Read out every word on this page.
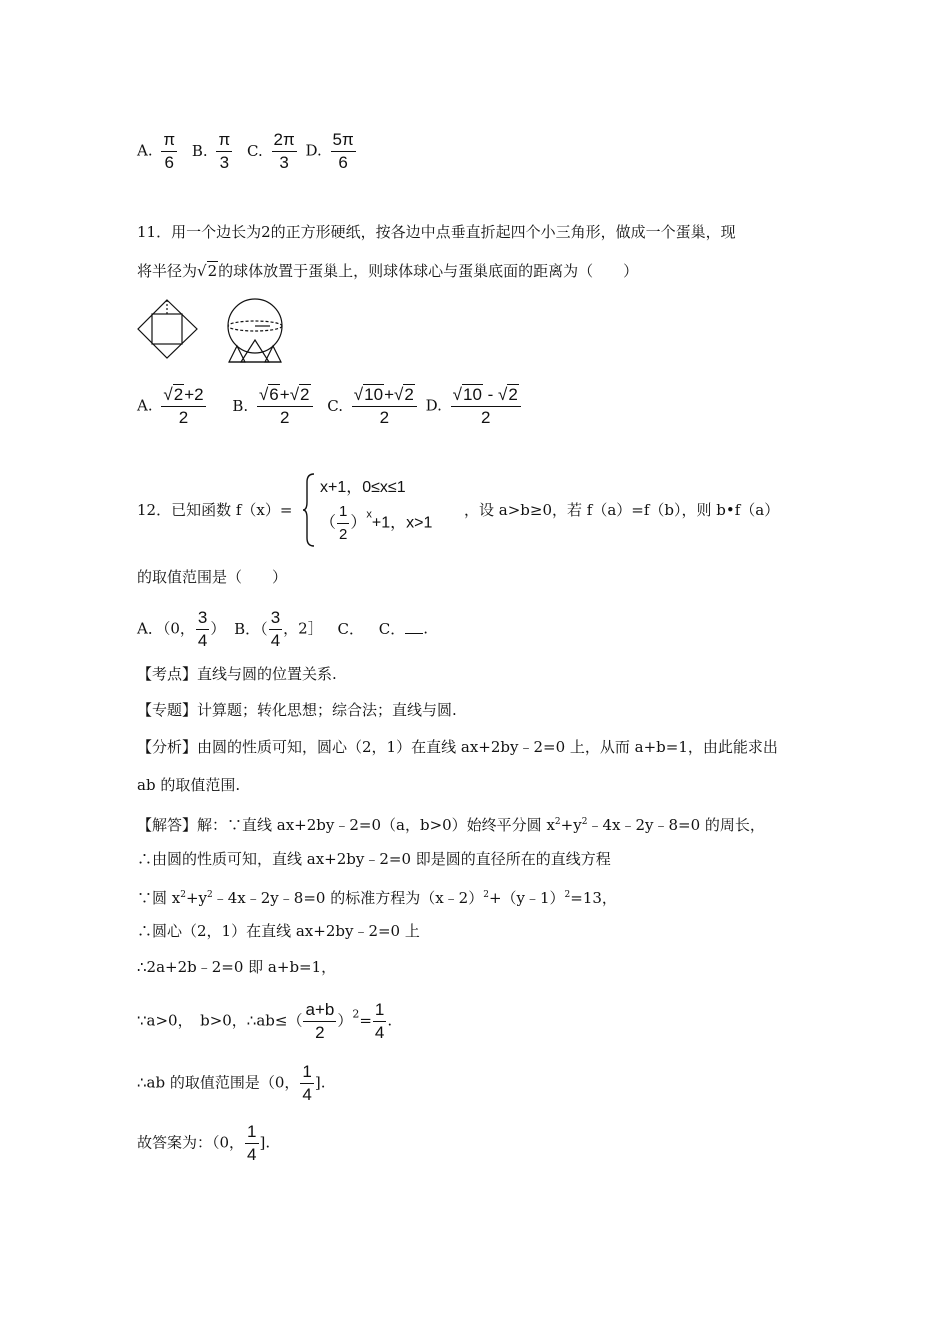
A. $\frac{\pi}{6} B$. $\frac{\pi}{3} C$. $\frac{2\pi}{3} D$. $\frac{5\pi}{6}$
11．用一个边长为2的正方形硬纸，按各边中点垂直折起四个小三角形，做成一个蛋巢，现
将半径为√2的球体放置于蛋巢上，则球体球心与蛋巢底面的距离为（　　）
A. $\frac{√2+2}{2} B$. $\frac{√6+√2}{2} C$. $\frac{√10+√2}{2} D$. $\frac{√10 - √2}{2}$
12．已知函数 f（x）=
x+1，0≤x≤1
（ $\frac{1}{2} )^x+1$，x>1
，设 a>b≥0，若 f（a）=f（b），则 b•f（a）
的取值范围是（　　）
A．（0， $\frac{3}{4}$ ） B．（ $\frac{3}{4}$ ，2］ C． C． .
【考点】直线与圆的位置关系.
【专题】计算题；转化思想；综合法；直线与圆.
【分析】由圆的性质可知，圆心（2，1）在直线 ax+2by﹣2=0 上，从而 a+b=1，由此能求出
ab 的取值范围.
【解答】解：∵直线 ax+2by﹣2=0（a，b>0）始终平分圆 $x^2+y^2﹣4x﹣2y﹣8=0$ 的周长，
∴由圆的性质可知，直线 ax+2by﹣2=0 即是圆的直径所在的直线方程
∵圆 $x^2+y^2﹣4x﹣2y﹣8=0$ 的标准方程为（x﹣2）$^2$+（y﹣1）$^2$=13，
∴圆心（2，1）在直线 ax+2by﹣2=0 上
∴2a+2b﹣2=0 即 a+b=1，
∵a>0，　b>0，∴ab≤（ $\frac{a+b}{2} )^2= \frac{1}{4}$ .
∴ab 的取值范围是（0， $\frac{1}{4}$ ].
故答案为：（0， $\frac{1}{4}$ ].
